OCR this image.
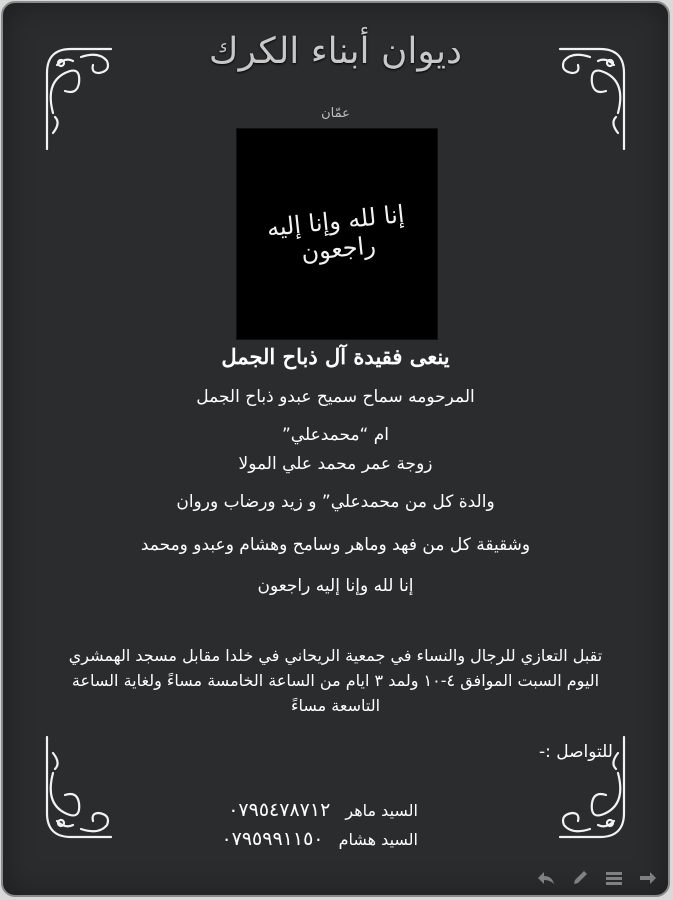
ديوان أبناء الكرك
عمّان
إنا لله وإنا إليه راجعون
ينعى فقيدة آل ذباح الجمل
المرحومه سماح سميح عبدو ذباح الجمل
ام “محمدعلي”
زوجة عمر محمد علي المولا
والدة كل من محمدعلي” و زيد ورضاب وروان
وشقيقة كل من فهد وماهر وسامح وهشام وعبدو ومحمد
إنا لله وإنا إليه راجعون
تقبل التعازي للرجال والنساء في جمعية الريحاني في خلدا مقابل مسجد الهمشري اليوم السبت الموافق ٤-١٠ ولمد ٣ ايام من الساعة الخامسة مساءً ولغاية الساعة التاسعة مساءً
للتواصل :-
السيد ماهر ٠٧٩٥٤٧٨٧١٢
السيد هشام ٠٧٩٥٩٩١١٥٠
